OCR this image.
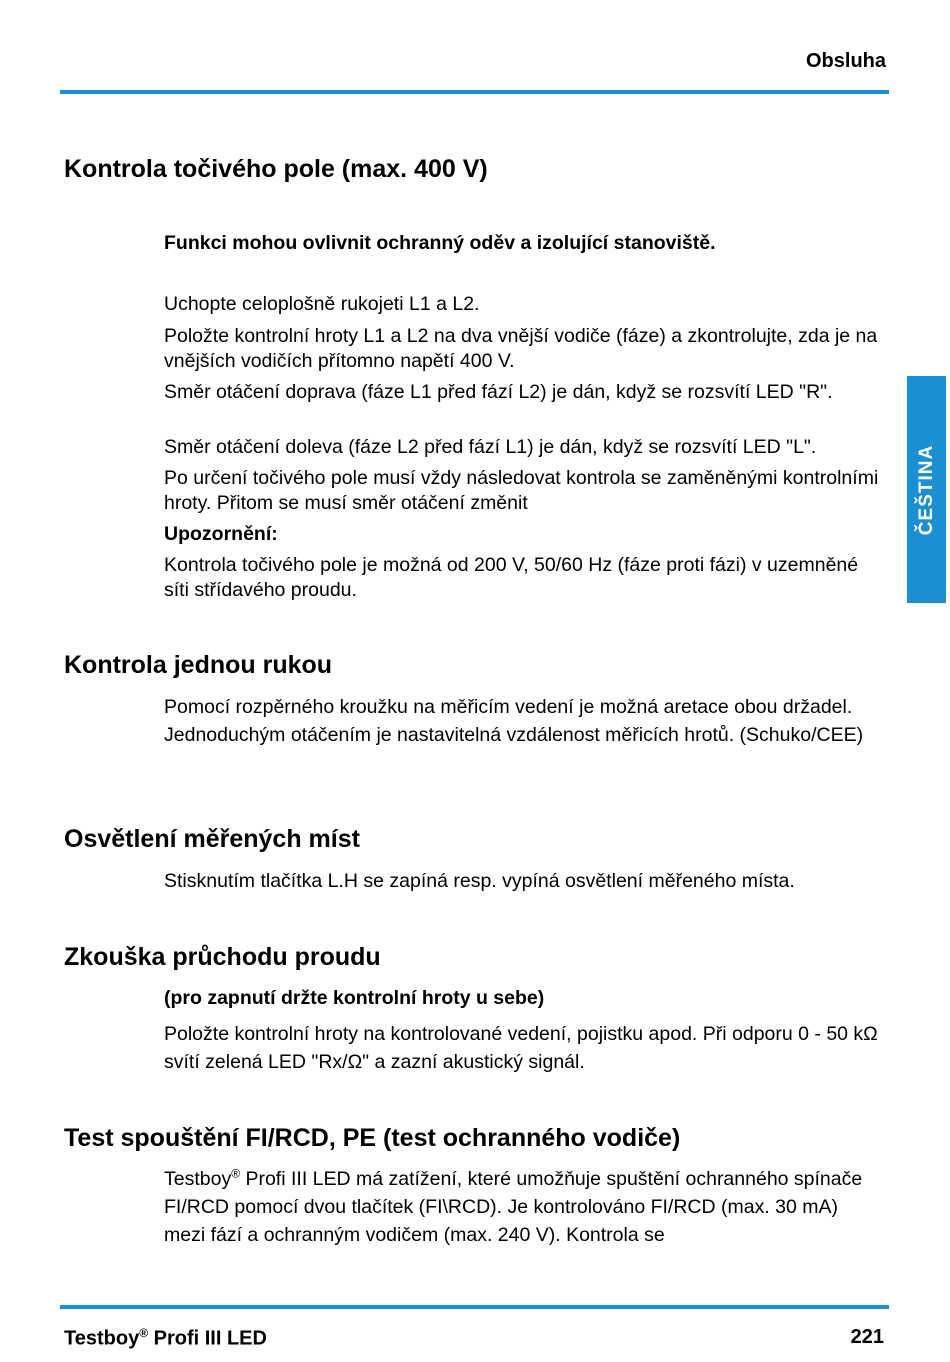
Obsluha
ČEŠTINA
Kontrola točivého pole (max. 400 V)

Funkci mohou ovlivnit ochranný oděv a izolující stanoviště.

Uchopte celoplošně rukojeti L1 a L2.

Položte kontrolní hroty L1 a L2 na dva vnější vodiče (fáze) a zkontrolujte, zda je na vnějších vodičích přítomno napětí 400 V.

Směr otáčení doprava (fáze L1 před fází L2) je dán, když se rozsvítí LED "R".

Směr otáčení doleva (fáze L2 před fází L1) je dán, když se rozsvítí LED "L".

Po určení točivého pole musí vždy následovat kontrola se zaměněnými kontrolními hroty. Přitom se musí směr otáčení změnit

Upozornění:

Kontrola točivého pole je možná od 200 V, 50/60 Hz (fáze proti fázi) v uzemněné síti střídavého proudu.

Kontrola jednou rukou

Pomocí rozpěrného kroužku na měřicím vedení je možná aretace obou držadel. Jednoduchým otáčením je nastavitelná vzdálenost měřicích hrotů. (Schuko/CEE)

Osvětlení měřených míst

Stisknutím tlačítka L.H se zapíná resp. vypíná osvětlení měřeného místa.

Zkouška průchodu proudu

(pro zapnutí držte kontrolní hroty u sebe)

Položte kontrolní hroty na kontrolované vedení, pojistku apod. Při odporu 0 - 50 kΩ svítí zelená LED "Rx/Ω" a zazní akustický signál.

Test spouštění FI/RCD, PE (test ochranného vodiče)

Testboy® Profi III LED má zatížení, které umožňuje spuštění ochranného spínače FI/RCD pomocí dvou tlačítek (FI\RCD). Je kontrolováno FI/RCD (max. 30 mA) mezi fází a ochranným vodičem (max. 240 V). Kontrola se

Testboy® Profi III LED	221
